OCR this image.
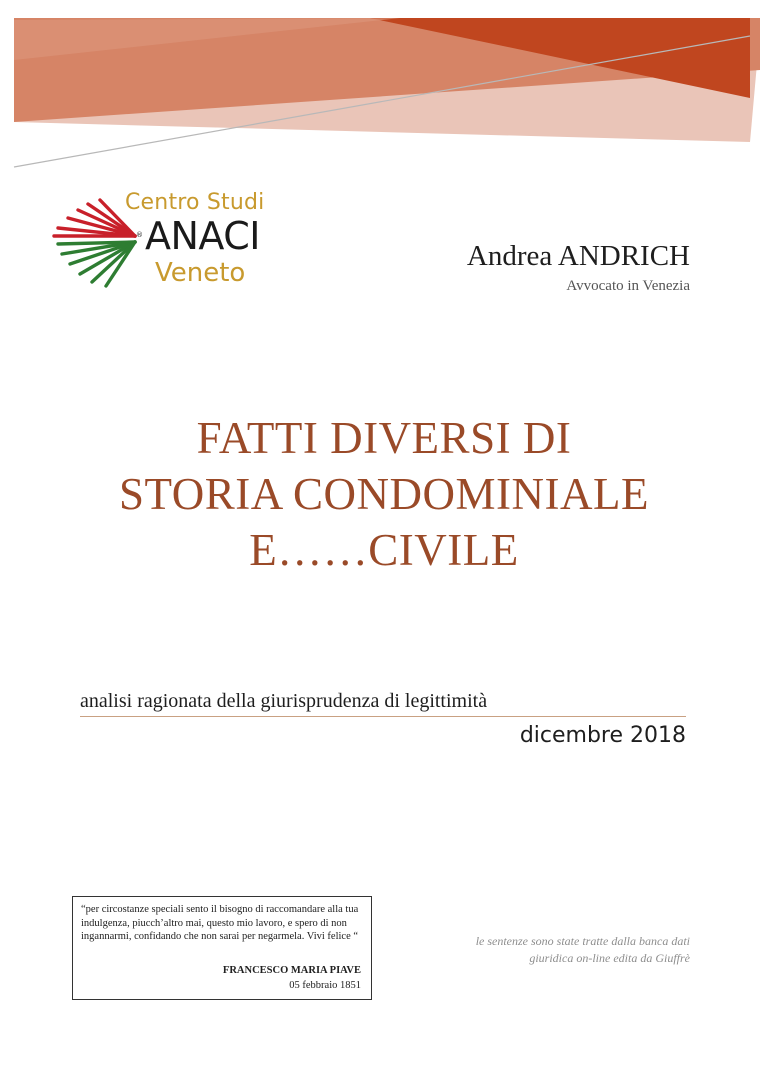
Centro Studi
® ANACI
Veneto
Andrea ANDRICH
Avvocato in Venezia
FATTI DIVERSI DI
STORIA CONDOMINIALE
E……CIVILE
analisi ragionata della giurisprudenza di legittimità
dicembre 2018

“per circostanze speciali sento il bisogno di raccomandare alla tua indulgenza, piucch’altro mai, questo mio lavoro, e spero di non ingannarmi, confidando che non sarai per negarmela. Vivi felice “

FRANCESCO MARIA PIAVE
05 febbraio 1851
le sentenze sono state tratte dalla banca dati giuridica on-line edita da Giuffrè
